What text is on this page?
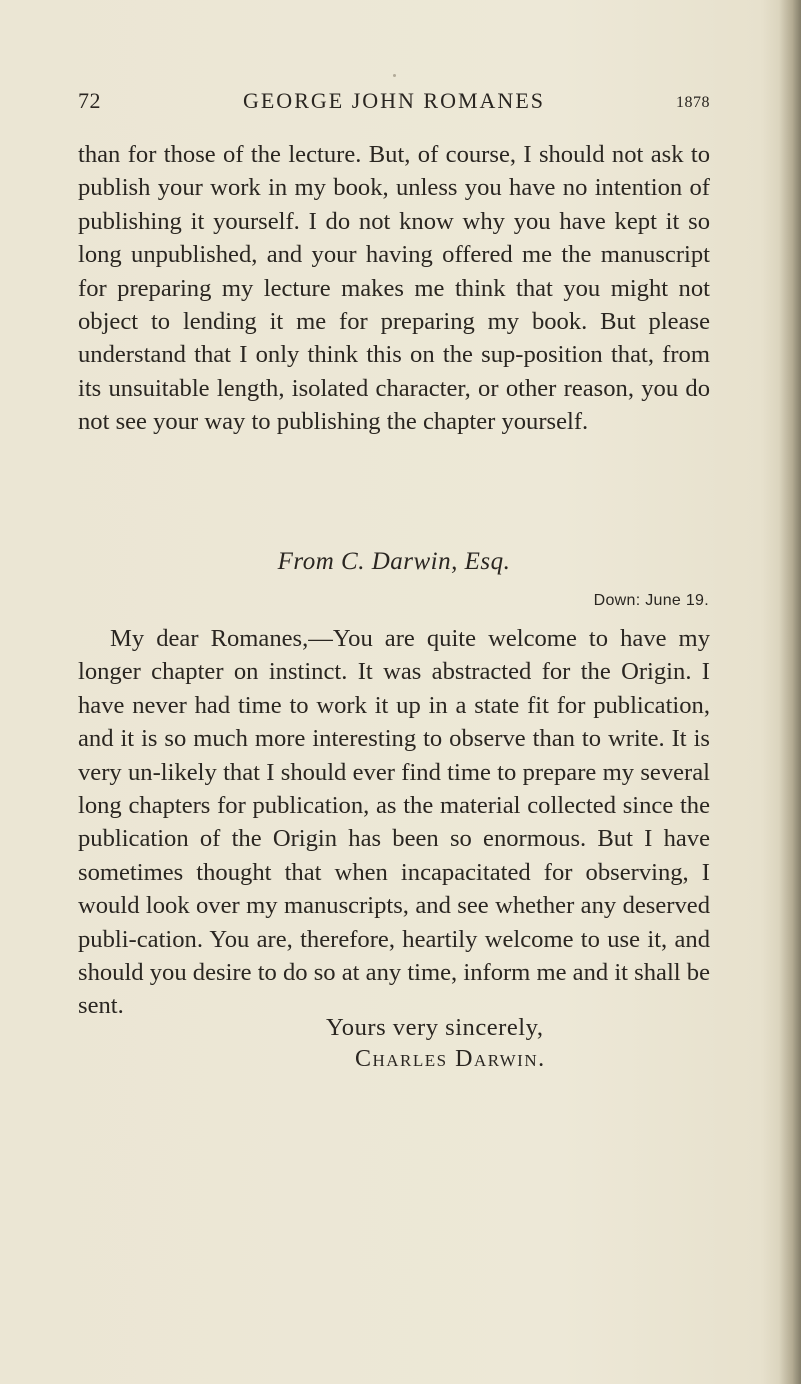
72	GEORGE JOHN ROMANES	1878

than for those of the lecture. But, of course, I should not ask to publish your work in my book, unless you have no intention of publishing it yourself. I do not know why you have kept it so long unpublished, and your having offered me the manuscript for preparing my lecture makes me think that you might not object to lending it me for preparing my book. But please understand that I only think this on the sup-position that, from its unsuitable length, isolated character, or other reason, you do not see your way to publishing the chapter yourself.

From C. Darwin, Esq.
Down: June 19.

My dear Romanes,—You are quite welcome to have my longer chapter on instinct. It was abstracted for the Origin. I have never had time to work it up in a state fit for publication, and it is so much more interesting to observe than to write. It is very un-likely that I should ever find time to prepare my several long chapters for publication, as the material collected since the publication of the Origin has been so enormous. But I have sometimes thought that when incapacitated for observing, I would look over my manuscripts, and see whether any deserved publi-cation. You are, therefore, heartily welcome to use it, and should you desire to do so at any time, inform me and it shall be sent.

Yours very sincerely,
Charles Darwin.
